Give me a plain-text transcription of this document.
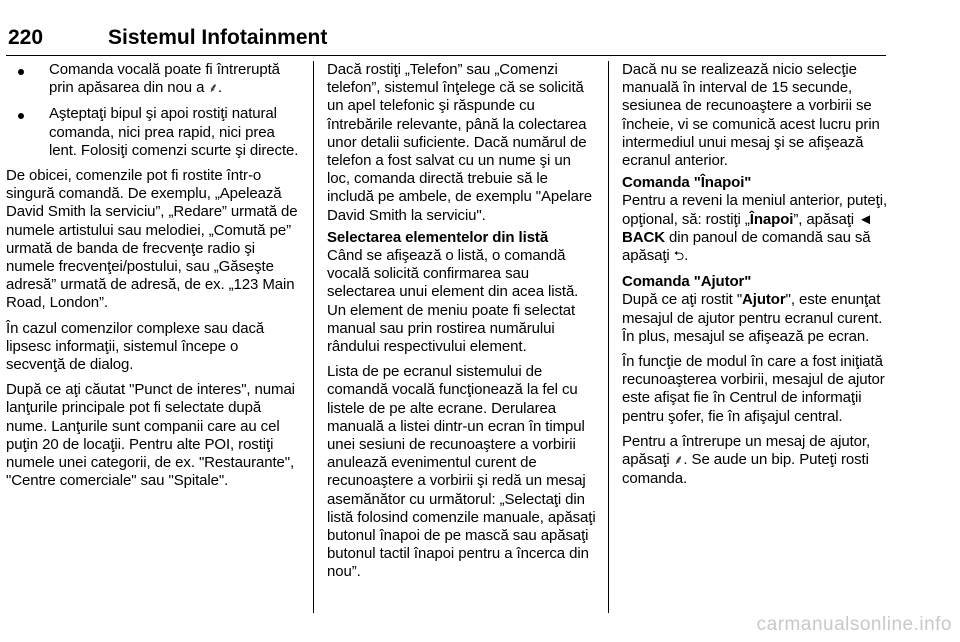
220	Sistemul Infotainment
Comanda vocală poate fi întreruptă prin apăsarea din nou a ⸙.
Aşteptaţi bipul şi apoi rostiţi natural comanda, nici prea rapid, nici prea lent. Folosiţi comenzi scurte şi directe.

De obicei, comenzile pot fi rostite într-o singură comandă. De exemplu, „Apelează David Smith la serviciu”, „Redare” urmată de numele artistului sau melodiei, „Comută pe” urmată de banda de frecvenţe radio şi numele frecvenţei/postului, sau „Găseşte adresă” urmată de adresă, de ex. „123 Main Road, London”.

În cazul comenzilor complexe sau dacă lipsesc informaţii, sistemul începe o secvenţă de dialog.

După ce aţi căutat "Punct de interes", numai lanţurile principale pot fi selectate după nume. Lanţurile sunt companii care au cel puţin 20 de locaţii. Pentru alte POI, rostiţi numele unei categorii, de ex. "Restaurante", "Centre comerciale" sau "Spitale".

Dacă rostiţi „Telefon” sau „Comenzi telefon”, sistemul înţelege că se solicită un apel telefonic şi răspunde cu întrebările relevante, până la colectarea unor detalii suficiente. Dacă numărul de telefon a fost salvat cu un nume şi un loc, comanda directă trebuie să le includă pe ambele, de exemplu "Apelare David Smith la serviciu".

Selectarea elementelor din listă

Când se afişează o listă, o comandă vocală solicită confirmarea sau selectarea unui element din acea listă. Un element de meniu poate fi selectat manual sau prin rostirea numărului rândului respectivului element.

Lista de pe ecranul sistemului de comandă vocală funcţionează la fel cu listele de pe alte ecrane. Derularea manuală a listei dintr-un ecran în timpul unei sesiuni de recunoaştere a vorbirii anulează evenimentul curent de recunoaştere a vorbirii şi redă un mesaj asemănător cu următorul: „Selectaţi din listă folosind comenzile manuale, apăsaţi butonul înapoi de pe mască sau apăsaţi butonul tactil înapoi pentru a încerca din nou”.

Dacă nu se realizează nicio selecţie manuală în interval de 15 secunde, sesiunea de recunoaştere a vorbirii se încheie, vi se comunică acest lucru prin intermediul unui mesaj şi se afişează ecranul anterior.

Comanda "Înapoi"

Pentru a reveni la meniul anterior, puteţi, opţional, să: rostiţi „Înapoi”, apăsaţi ◄ BACK din panoul de comandă sau să apăsaţi ⮌.

Comanda "Ajutor"

După ce aţi rostit "Ajutor", este enunţat mesajul de ajutor pentru ecranul curent. În plus, mesajul se afişează pe ecran.

În funcţie de modul în care a fost iniţiată recunoaşterea vorbirii, mesajul de ajutor este afişat fie în Centrul de informaţii pentru şofer, fie în afişajul central.

Pentru a întrerupe un mesaj de ajutor, apăsaţi ⸙. Se aude un bip. Puteţi rosti comanda.

carmanualsonline.info
